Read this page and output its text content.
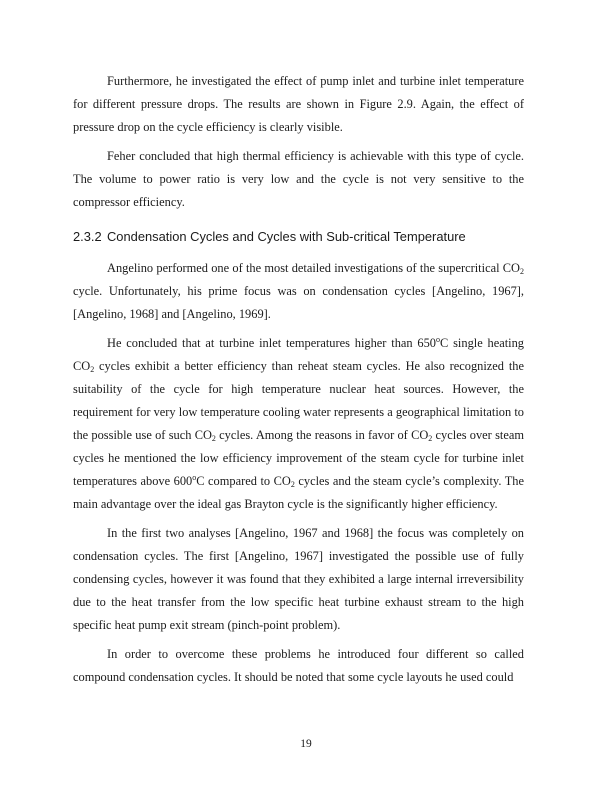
Furthermore, he investigated the effect of pump inlet and turbine inlet temperature for different pressure drops. The results are shown in Figure 2.9. Again, the effect of pressure drop on the cycle efficiency is clearly visible.

Feher concluded that high thermal efficiency is achievable with this type of cycle. The volume to power ratio is very low and the cycle is not very sensitive to the compressor efficiency.

2.3.2 Condensation Cycles and Cycles with Sub-critical Temperature

Angelino performed one of the most detailed investigations of the supercritical $CO_2$ cycle. Unfortunately, his prime focus was on condensation cycles [Angelino, 1967], [Angelino, 1968] and [Angelino, 1969].

He concluded that at turbine inlet temperatures higher than 650$^o$C single heating $CO_2$ cycles exhibit a better efficiency than reheat steam cycles. He also recognized the suitability of the cycle for high temperature nuclear heat sources. However, the requirement for very low temperature cooling water represents a geographical limitation to the possible use of such $CO_2$ cycles. Among the reasons in favor of $CO_2$ cycles over steam cycles he mentioned the low efficiency improvement of the steam cycle for turbine inlet temperatures above 600$^o$C compared to $CO_2$ cycles and the steam cycle’s complexity. The main advantage over the ideal gas Brayton cycle is the significantly higher efficiency.

In the first two analyses [Angelino, 1967 and 1968] the focus was completely on condensation cycles. The first [Angelino, 1967] investigated the possible use of fully condensing cycles, however it was found that they exhibited a large internal irreversibility due to the heat transfer from the low specific heat turbine exhaust stream to the high specific heat pump exit stream (pinch-point problem).

In order to overcome these problems he introduced four different so called compound condensation cycles. It should be noted that some cycle layouts he used could

19
